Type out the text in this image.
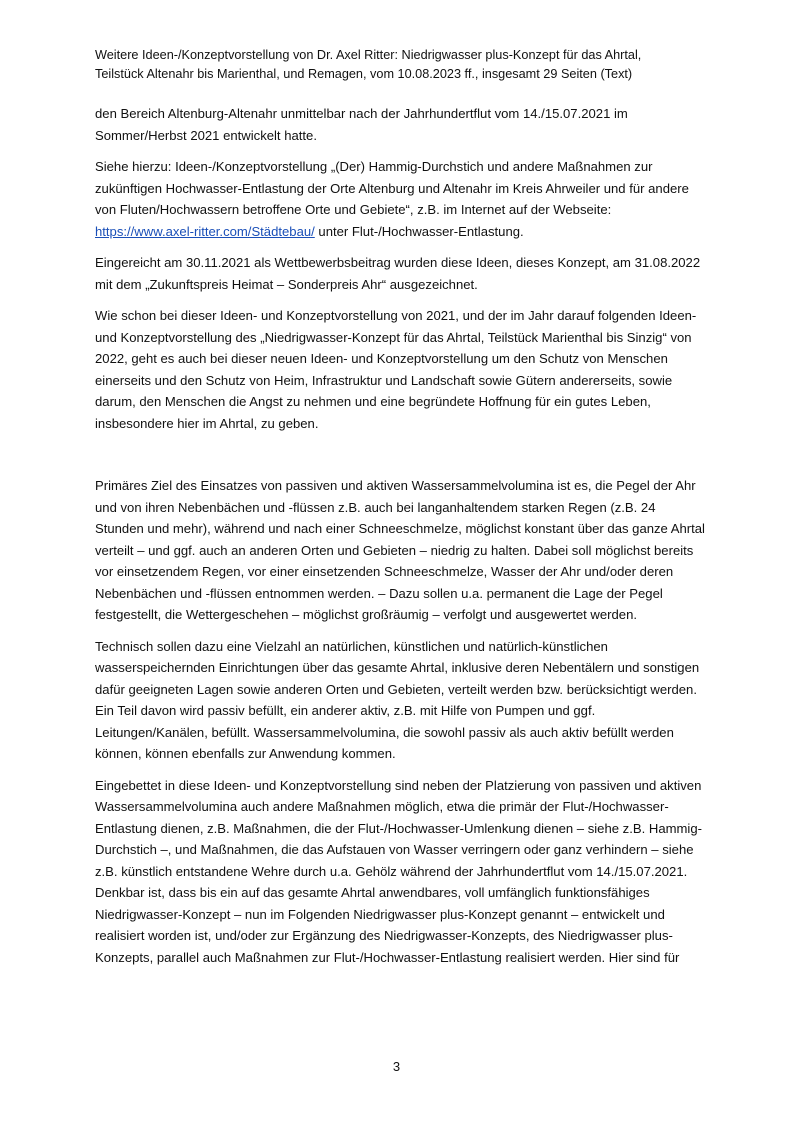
Weitere Ideen-/Konzeptvorstellung von Dr. Axel Ritter: Niedrigwasser plus-Konzept für das Ahrtal,
Teilstück Altenahr bis Marienthal, und Remagen, vom 10.08.2023 ff., insgesamt 29 Seiten (Text)

den Bereich Altenburg-Altenahr unmittelbar nach der Jahrhundertflut vom 14./15.07.2021 im Sommer/Herbst 2021 entwickelt hatte.

Siehe hierzu: Ideen-/Konzeptvorstellung „(Der) Hammig-Durchstich und andere Maßnahmen zur zukünftigen Hochwasser-Entlastung der Orte Altenburg und Altenahr im Kreis Ahrweiler und für andere von Fluten/Hochwassern betroffene Orte und Gebiete“, z.B. im Internet auf der Webseite: https://www.axel-ritter.com/Städtebau/ unter Flut-/Hochwasser-Entlastung.

Eingereicht am 30.11.2021 als Wettbewerbsbeitrag wurden diese Ideen, dieses Konzept, am 31.08.2022 mit dem „Zukunftspreis Heimat – Sonderpreis Ahr“ ausgezeichnet.

Wie schon bei dieser Ideen- und Konzeptvorstellung von 2021, und der im Jahr darauf folgenden Ideen- und Konzeptvorstellung des „Niedrigwasser-Konzept für das Ahrtal, Teilstück Marienthal bis Sinzig“ von 2022, geht es auch bei dieser neuen Ideen- und Konzeptvorstellung um den Schutz von Menschen einerseits und den Schutz von Heim, Infrastruktur und Landschaft sowie Gütern andererseits, sowie darum, den Menschen die Angst zu nehmen und eine begründete Hoffnung für ein gutes Leben, insbesondere hier im Ahrtal, zu geben.

Primäres Ziel des Einsatzes von passiven und aktiven Wassersammelvolumina ist es, die Pegel der Ahr und von ihren Nebenbächen und -flüssen z.B. auch bei langanhaltendem starken Regen (z.B. 24 Stunden und mehr), während und nach einer Schneeschmelze, möglichst konstant über das ganze Ahrtal verteilt – und ggf. auch an anderen Orten und Gebieten – niedrig zu halten. Dabei soll möglichst bereits vor einsetzendem Regen, vor einer einsetzenden Schneeschmelze, Wasser der Ahr und/oder deren Nebenbächen und -flüssen entnommen werden. – Dazu sollen u.a. permanent die Lage der Pegel festgestellt, die Wettergeschehen – möglichst großräumig – verfolgt und ausgewertet werden.

Technisch sollen dazu eine Vielzahl an natürlichen, künstlichen und natürlich-künstlichen wasserspeichernden Einrichtungen über das gesamte Ahrtal, inklusive deren Nebentälern und sonstigen dafür geeigneten Lagen sowie anderen Orten und Gebieten, verteilt werden bzw. berücksichtigt werden. Ein Teil davon wird passiv befüllt, ein anderer aktiv, z.B. mit Hilfe von Pumpen und ggf. Leitungen/Kanälen, befüllt. Wassersammelvolumina, die sowohl passiv als auch aktiv befüllt werden können, können ebenfalls zur Anwendung kommen.

Eingebettet in diese Ideen- und Konzeptvorstellung sind neben der Platzierung von passiven und aktiven Wassersammelvolumina auch andere Maßnahmen möglich, etwa die primär der Flut-/Hochwasser-Entlastung dienen, z.B. Maßnahmen, die der Flut-/Hochwasser-Umlenkung dienen – siehe z.B. Hammig-Durchstich –, und Maßnahmen, die das Aufstauen von Wasser verringern oder ganz verhindern – siehe z.B. künstlich entstandene Wehre durch u.a. Gehölz während der Jahrhundertflut vom 14./15.07.2021. Denkbar ist, dass bis ein auf das gesamte Ahrtal anwendbares, voll umfänglich funktionsfähiges Niedrigwasser-Konzept – nun im Folgenden Niedrigwasser plus-Konzept genannt – entwickelt und realisiert worden ist, und/oder zur Ergänzung des Niedrigwasser-Konzepts, des Niedrigwasser plus-Konzepts, parallel auch Maßnahmen zur Flut-/Hochwasser-Entlastung realisiert werden. Hier sind für

3
